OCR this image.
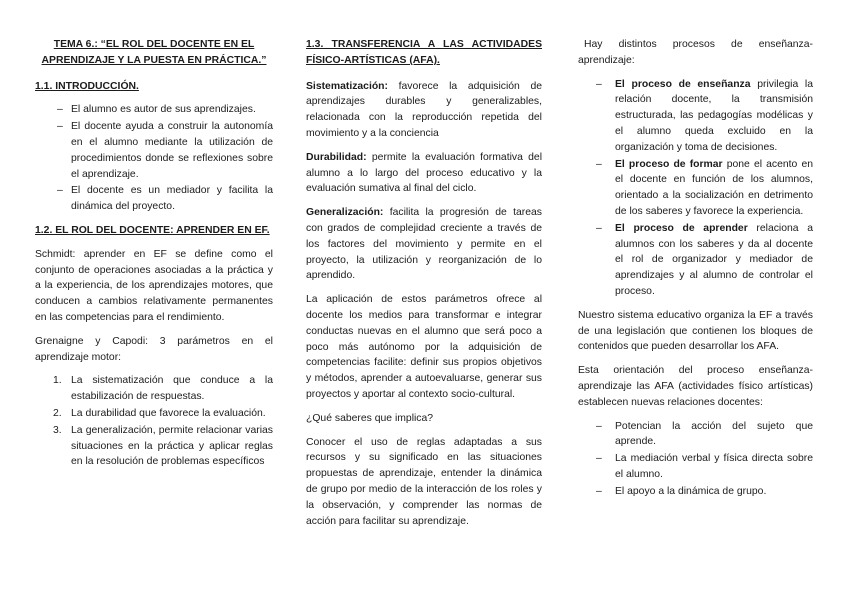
TEMA 6.: “EL ROL DEL DOCENTE EN EL APRENDIZAJE Y LA PUESTA EN PRÁCTICA.”

1.1. INTRODUCCIÓN.

– El alumno es autor de sus aprendizajes.
– El docente ayuda a construir la autonomía en el alumno mediante la utilización de procedimientos donde se reflexiones sobre el aprendizaje.
– El docente es un mediador y facilita la dinámica del proyecto.

1.2. EL ROL DEL DOCENTE: APRENDER EN EF.

Schmidt: aprender en EF se define como el conjunto de operaciones asociadas a la práctica y a la experiencia, de los aprendizajes motores, que conducen a cambios relativamente permanentes en las competencias para el rendimiento.

Grenaigne y Capodi: 3 parámetros en el aprendizaje motor:

1. La sistematización que conduce a la estabilización de respuestas.
2. La durabilidad que favorece la evaluación.
3. La generalización, permite relacionar varias situaciones en la práctica y aplicar reglas en la resolución de problemas específicos

1.3. TRANSFERENCIA A LAS ACTIVIDADES FÍSICO-ARTÍSTICAS (AFA).

Sistematización: favorece la adquisición de aprendizajes durables y generalizables, relacionada con la reproducción repetida del movimiento y a la conciencia

Durabilidad: permite la evaluación formativa del alumno a lo largo del proceso educativo y la evaluación sumativa al final del ciclo.

Generalización: facilita la progresión de tareas con grados de complejidad creciente a través de los factores del movimiento y permite en el proyecto, la utilización y reorganización de lo aprendido.

La aplicación de estos parámetros ofrece al docente los medios para transformar e integrar conductas nuevas en el alumno que será poco a poco más autónomo por la adquisición de competencias facilite: definir sus propios objetivos y métodos, aprender a autoevaluarse, generar sus proyectos y aportar al contexto socio-cultural.

¿Qué saberes que implica?

Conocer el uso de reglas adaptadas a sus recursos y su significado en las situaciones propuestas de aprendizaje, entender la dinámica de grupo por medio de la interacción de los roles y la observación, y comprender las normas de acción para facilitar su aprendizaje.

Hay distintos procesos de enseñanza-aprendizaje:

– El proceso de enseñanza privilegia la relación docente, la transmisión estructurada, las pedagogías modélicas y el alumno queda excluido en la organización y toma de decisiones.
– El proceso de formar pone el acento en el docente en función de los alumnos, orientado a la socialización en detrimento de los saberes y favorece la experiencia.
– El proceso de aprender relaciona a alumnos con los saberes y da al docente el rol de organizador y mediador de aprendizajes y al alumno de controlar el proceso.

Nuestro sistema educativo organiza la EF a través de una legislación que contienen los bloques de contenidos que pueden desarrollar los AFA.

Esta orientación del proceso enseñanza-aprendizaje las AFA (actividades físico artísticas) establecen nuevas relaciones docentes:

– Potencian la acción del sujeto que aprende.
– La mediación verbal y física directa sobre el alumno.
– El apoyo a la dinámica de grupo.
